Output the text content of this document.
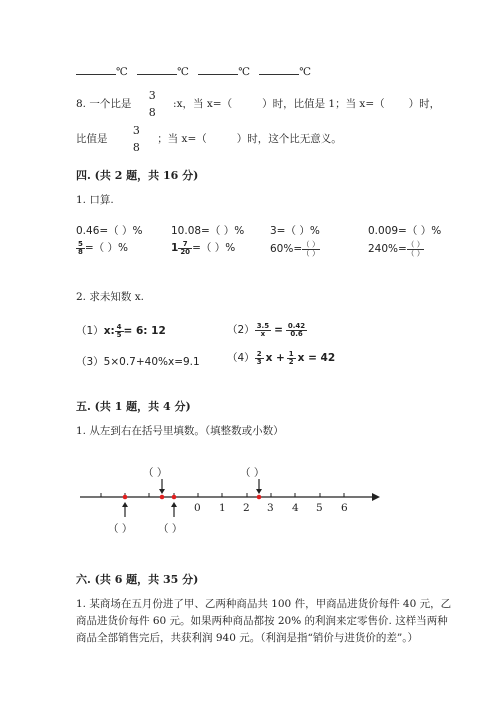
℃	℃	℃	℃
8. 一个比是
3
8
:x，当 x=（	）时，比值是 1；当 x=（ ）时，
比值是
3
8
；当 x=（	）时，这个比无意义。
四. (共 2 题，共 16 分)
1. 口算.
0.46=（ ）%	10.08=（ ）% 3=（ ）%	0.009=（ ）%
$\frac{5}{8}$ =（ ）%	$1 \frac{7}{20}$ =（ ）%	$60\%= \frac{( )}{( )}$	$240\%= \frac{( )}{( )}$
2. 求未知数 x.
（1）x: $\frac{4}{5} = 6$: 12	$(2) \frac{3.5}{x} = \frac{0.42}{0.6}$
（3）5×0.7+40%x=9.1	$(4) \frac{2}{3}$ $x + \frac{1}{2}$ x = 42
五. (共 1 题，共 4 分)
1. 从左到右在括号里填数。（填整数或小数）
（ ）	（ ）
（ ） （ ）
0 1 2 3 4 5 6
六. (共 6 题，共 35 分)
1. 某商场在五月份进了甲、乙两种商品共 100 件，甲商品进货价每件 40 元，乙
商品进货价每件 60 元。如果两种商品都按 20% 的利润来定零售价. 这样当两种
商品全部销售完后，共获利润 940 元。（利润是指“销价与进货价的差”。）
